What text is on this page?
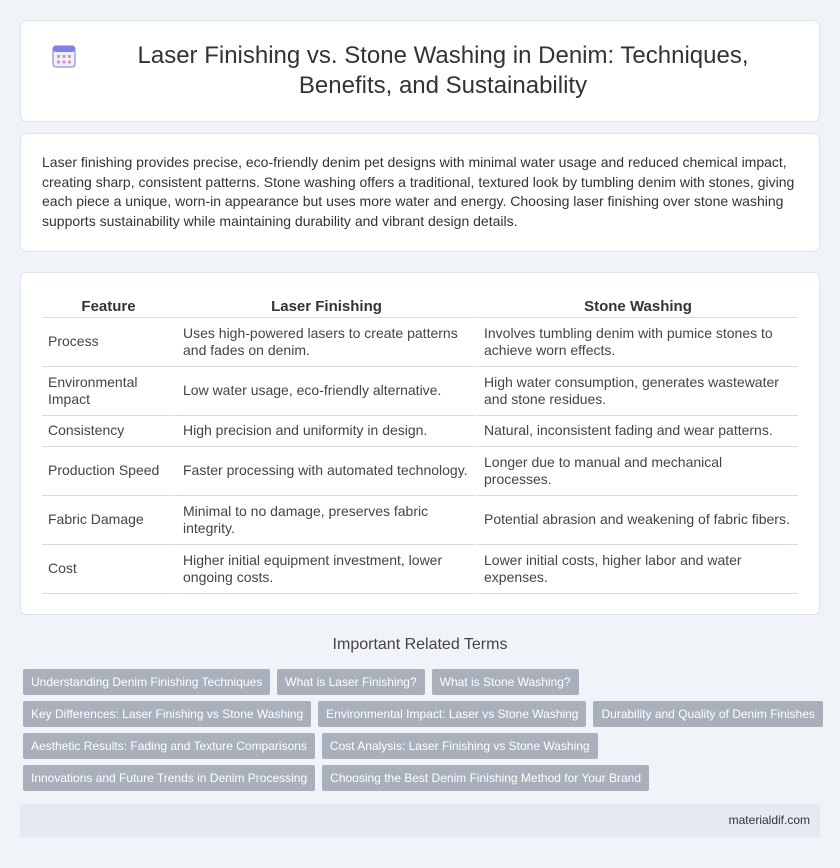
Laser Finishing vs. Stone Washing in Denim: Techniques, Benefits, and Sustainability

Laser finishing provides precise, eco-friendly denim pet designs with minimal water usage and reduced chemical impact, creating sharp, consistent patterns. Stone washing offers a traditional, textured look by tumbling denim with stones, giving each piece a unique, worn-in appearance but uses more water and energy. Choosing laser finishing over stone washing supports sustainability while maintaining durability and vibrant design details.

Feature	Laser Finishing	Stone Washing
Process	Uses high-powered lasers to create patterns and fades on denim.	Involves tumbling denim with pumice stones to achieve worn effects.
Environmental Impact	Low water usage, eco-friendly alternative.	High water consumption, generates wastewater and stone residues.
Consistency	High precision and uniformity in design.	Natural, inconsistent fading and wear patterns.
Production Speed	Faster processing with automated technology.	Longer due to manual and mechanical processes.
Fabric Damage	Minimal to no damage, preserves fabric integrity.	Potential abrasion and weakening of fabric fibers.
Cost	Higher initial equipment investment, lower ongoing costs.	Lower initial costs, higher labor and water expenses.
Important Related Terms
Understanding Denim Finishing Techniques	What is Laser Finishing?	What is Stone Washing?
Key Differences: Laser Finishing vs Stone Washing	Environmental Impact: Laser vs Stone Washing	Durability and Quality of Denim Finishes
Aesthetic Results: Fading and Texture Comparisons	Cost Analysis: Laser Finishing vs Stone Washing
Innovations and Future Trends in Denim Processing	Choosing the Best Denim Finishing Method for Your Brand
materialdif.com
